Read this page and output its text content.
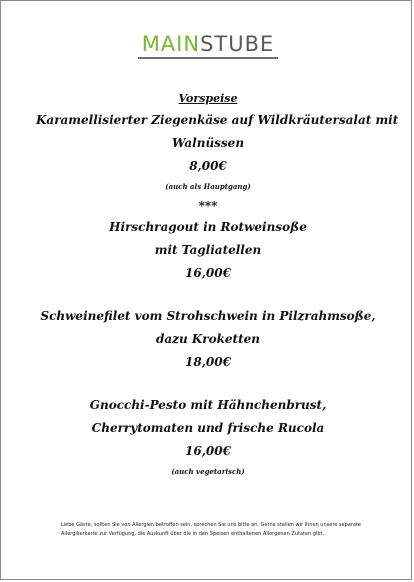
MAINSTUBE
Vorspeise
Karamellisierter Ziegenkäse auf Wildkräutersalat mit
Walnüssen
8,00€
(auch als Hauptgang)
***
Hirschragout in Rotweinsoße
mit Tagliatellen
16,00€
Schweinefilet vom Strohschwein in Pilzrahmsoße,
dazu Kroketten
18,00€
Gnocchi-Pesto mit Hähnchenbrust,
Cherrytomaten und frische Rucola
16,00€
(auch vegetarisch)
Liebe Gäste, sollten Sie von Allergien betroffen sein, sprechen Sie uns bitte an. Gerne stellen wir Ihnen unsere separate Allergikerkarte zur Verfügung, die Auskunft über die in den Speisen enthaltenen Allergenen Zutaten gibt.
